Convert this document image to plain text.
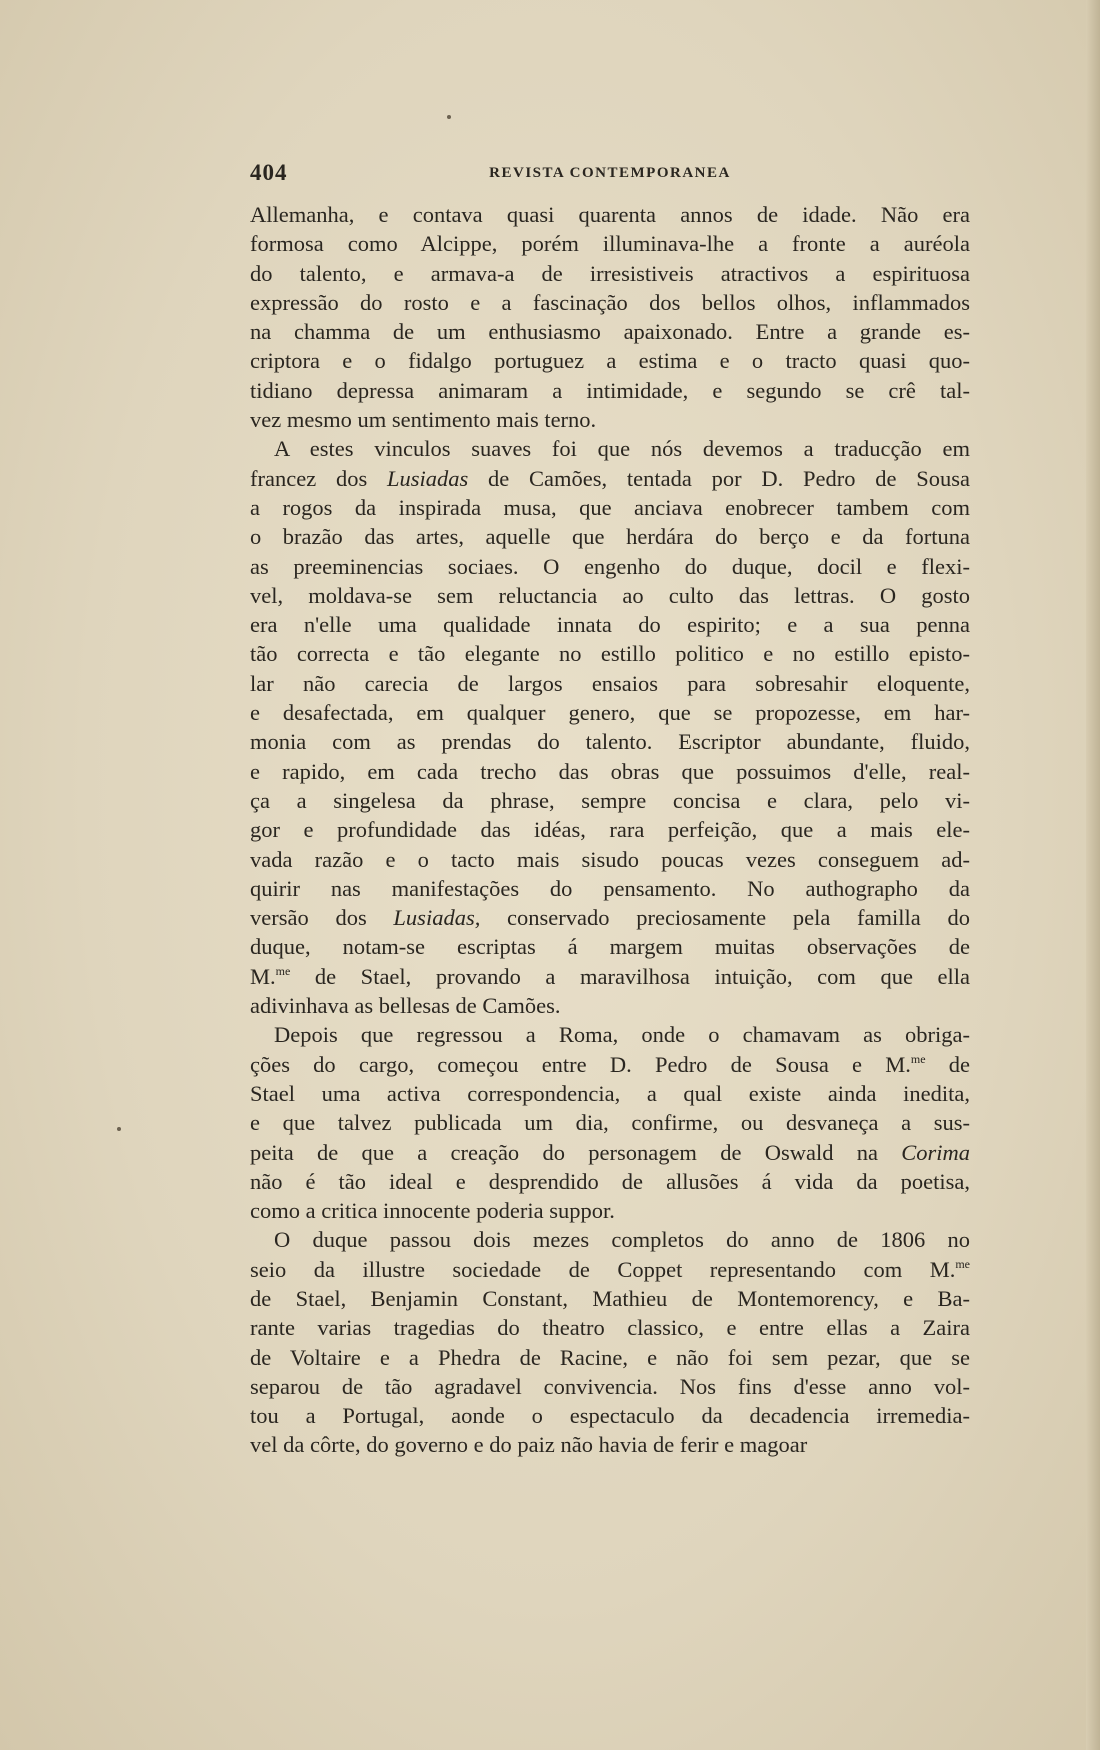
404	REVISTA CONTEMPORANEA
Allemanha, e contava quasi quarenta annos de idade. Não era
formosa como Alcippe, porém illuminava-lhe a fronte a auréola
do talento, e armava-a de irresistiveis atractivos a espirituosa
expressão do rosto e a fascinação dos bellos olhos, inflammados
na chamma de um enthusiasmo apaixonado. Entre a grande es-
criptora e o fidalgo portuguez a estima e o tracto quasi quo-
tidiano depressa animaram a intimidade, e segundo se crê tal-
vez mesmo um sentimento mais terno.
A estes vinculos suaves foi que nós devemos a traducção em
francez dos Lusiadas de Camões, tentada por D. Pedro de Sousa
a rogos da inspirada musa, que anciava enobrecer tambem com
o brazão das artes, aquelle que herdára do berço e da fortuna
as preeminencias sociaes. O engenho do duque, docil e flexi-
vel, moldava-se sem reluctancia ao culto das lettras. O gosto
era n'elle uma qualidade innata do espirito; e a sua penna
tão correcta e tão elegante no estillo politico e no estillo episto-
lar não carecia de largos ensaios para sobresahir eloquente,
e desafectada, em qualquer genero, que se propozesse, em har-
monia com as prendas do talento. Escriptor abundante, fluido,
e rapido, em cada trecho das obras que possuimos d'elle, real-
ça a singelesa da phrase, sempre concisa e clara, pelo vi-
gor e profundidade das idéas, rara perfeição, que a mais ele-
vada razão e o tacto mais sisudo poucas vezes conseguem ad-
quirir nas manifestações do pensamento. No authographo da
versão dos Lusiadas, conservado preciosamente pela familla do
duque, notam-se escriptas á margem muitas observações de
M.$^{me}$ de Stael, provando a maravilhosa intuição, com que ella
adivinhava as bellesas de Camões.
Depois que regressou a Roma, onde o chamavam as obriga-
ções do cargo, começou entre D. Pedro de Sousa e M.$^{me}$ de
Stael uma activa correspondencia, a qual existe ainda inedita,
e que talvez publicada um dia, confirme, ou desvaneça a sus-
peita de que a creação do personagem de Oswald na Corima
não é tão ideal e desprendido de allusões á vida da poetisa,
como a critica innocente poderia suppor.
O duque passou dois mezes completos do anno de 1806 no
seio da illustre sociedade de Coppet representando com M.$^{me}$
de Stael, Benjamin Constant, Mathieu de Montemorency, e Ba-
rante varias tragedias do theatro classico, e entre ellas a Zaira
de Voltaire e a Phedra de Racine, e não foi sem pezar, que se
separou de tão agradavel convivencia. Nos fins d'esse anno vol-
tou a Portugal, aonde o espectaculo da decadencia irremedia-
vel da côrte, do governo e do paiz não havia de ferir e magoar
